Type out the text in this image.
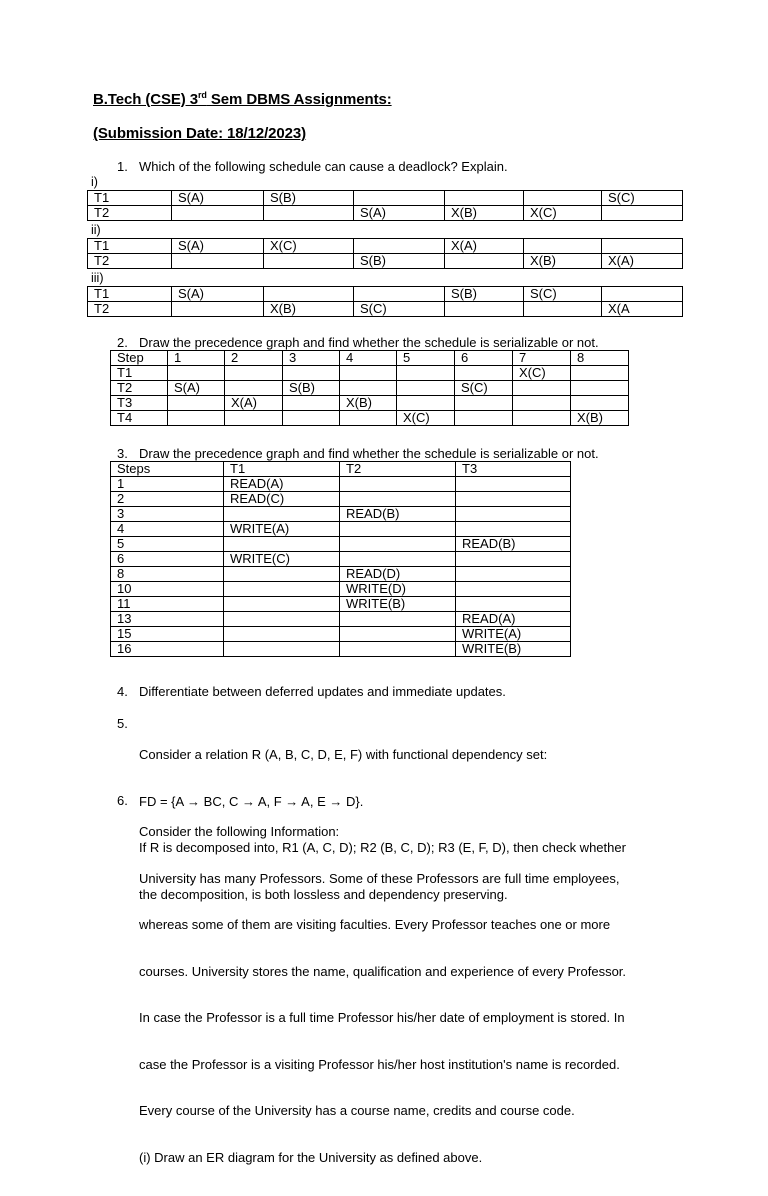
B.Tech (CSE) 3rd Sem DBMS Assignments:
(Submission Date: 18/12/2023)
1. Which of the following schedule can cause a deadlock? Explain.
i)
T1	S(A)	S(B)				S(C)
T2			S(A)	X(B)	X(C)	
ii)
T1	S(A)	X(C)		X(A)		
T2			S(B)		X(B)	X(A)
iii)
T1	S(A)			S(B)	S(C)	
T2		X(B)	S(C)			X(A
2. Draw the precedence graph and find whether the schedule is serializable or not.
Step	1	2	3	4	5	6	7	8
T1							X(C)	
T2	S(A)		S(B)			S(C)		
T3		X(A)		X(B)				
T4					X(C)			X(B)
3. Draw the precedence graph and find whether the schedule is serializable or not.
Steps	T1	T2	T3
1	READ(A)		
2	READ(C)		
3		READ(B)	
4	WRITE(A)		
5			READ(B)
6	WRITE(C)		
8		READ(D)	
10		WRITE(D)	
11		WRITE(B)	
13			READ(A)
15			WRITE(A)
16			WRITE(B)
4. Differentiate between deferred updates and immediate updates.
5.

Consider a relation R (A, B, C, D, E, F) with functional dependency set:

FD = {A → BC, C → A, F → A, E → D}.

If R is decomposed into, R1 (A, C, D); R2 (B, C, D); R3 (E, F, D), then check whether

the decomposition, is both lossless and dependency preserving.

6.

Consider the following Information:

University has many Professors. Some of these Professors are full time employees,

whereas some of them are visiting faculties. Every Professor teaches one or more

courses. University stores the name, qualification and experience of every Professor.

In case the Professor is a full time Professor his/her date of employment is stored. In

case the Professor is a visiting Professor his/her host institution's name is recorded.

Every course of the University has a course name, credits and course code.

(i) Draw an ER diagram for the University as defined above.
